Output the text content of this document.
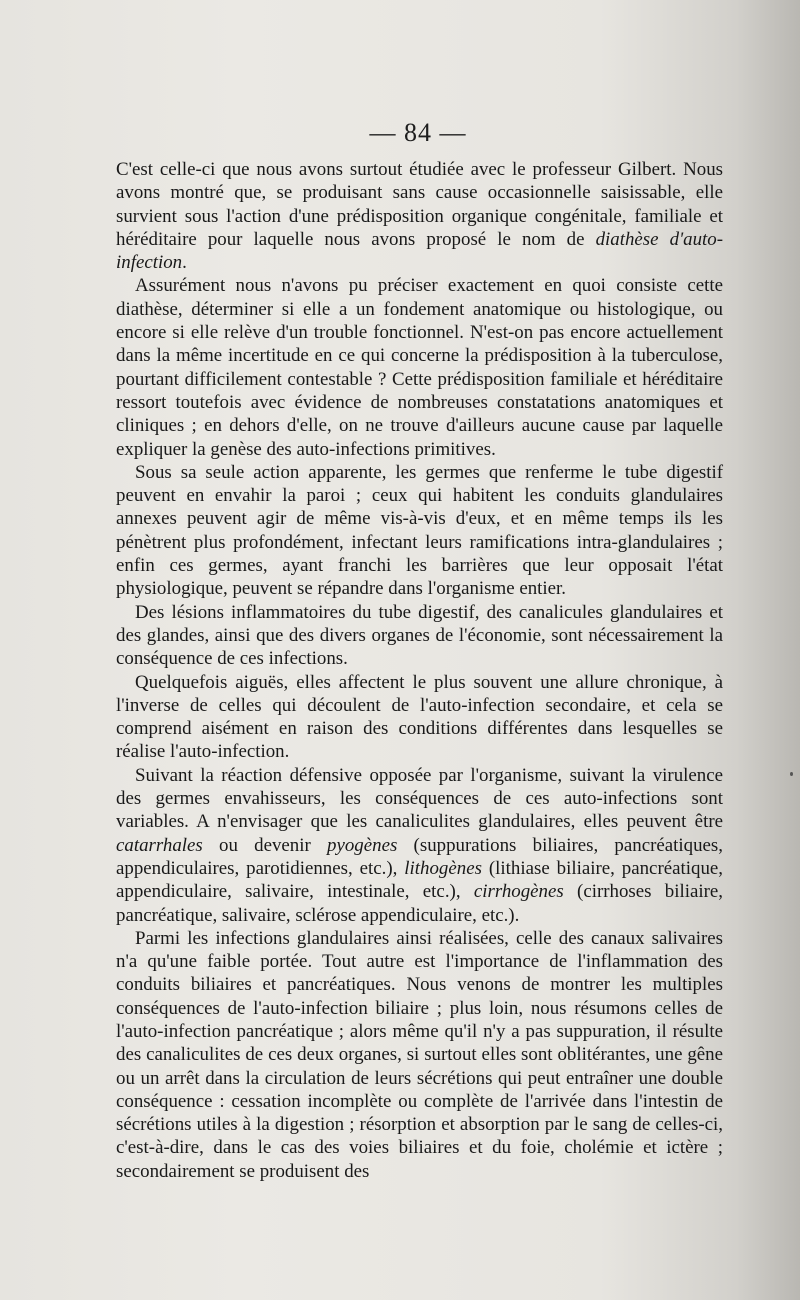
— 84 —

C'est celle-ci que nous avons surtout étudiée avec le professeur Gilbert. Nous avons montré que, se produisant sans cause occasionnelle saisissable, elle survient sous l'action d'une prédisposition organique congénitale, familiale et héréditaire pour laquelle nous avons proposé le nom de diathèse d'auto-infection.

Assurément nous n'avons pu préciser exactement en quoi consiste cette diathèse, déterminer si elle a un fondement anatomique ou histologique, ou encore si elle relève d'un trouble fonctionnel. N'est-on pas encore actuellement dans la même incertitude en ce qui concerne la prédisposition à la tuberculose, pourtant difficilement contestable ? Cette prédisposition familiale et héréditaire ressort toutefois avec évidence de nombreuses constatations anatomiques et cliniques ; en dehors d'elle, on ne trouve d'ailleurs aucune cause par laquelle expliquer la genèse des auto-infections primitives.

Sous sa seule action apparente, les germes que renferme le tube digestif peuvent en envahir la paroi ; ceux qui habitent les conduits glandulaires annexes peuvent agir de même vis-à-vis d'eux, et en même temps ils les pénètrent plus profondément, infectant leurs ramifications intra-glandulaires ; enfin ces germes, ayant franchi les barrières que leur opposait l'état physiologique, peuvent se répandre dans l'organisme entier.

Des lésions inflammatoires du tube digestif, des canalicules glandulaires et des glandes, ainsi que des divers organes de l'économie, sont nécessairement la conséquence de ces infections.

Quelquefois aiguës, elles affectent le plus souvent une allure chronique, à l'inverse de celles qui découlent de l'auto-infection secondaire, et cela se comprend aisément en raison des conditions différentes dans lesquelles se réalise l'auto-infection.

Suivant la réaction défensive opposée par l'organisme, suivant la virulence des germes envahisseurs, les conséquences de ces auto-infections sont variables. A n'envisager que les canaliculites glandulaires, elles peuvent être catarrhales ou devenir pyogènes (suppurations biliaires, pancréatiques, appendiculaires, parotidiennes, etc.), lithogènes (lithiase biliaire, pancréatique, appendiculaire, salivaire, intestinale, etc.), cirrhogènes (cirrhoses biliaire, pancréatique, salivaire, sclérose appendiculaire, etc.).

Parmi les infections glandulaires ainsi réalisées, celle des canaux salivaires n'a qu'une faible portée. Tout autre est l'importance de l'inflammation des conduits biliaires et pancréatiques. Nous venons de montrer les multiples conséquences de l'auto-infection biliaire ; plus loin, nous résumons celles de l'auto-infection pancréatique ; alors même qu'il n'y a pas suppuration, il résulte des canaliculites de ces deux organes, si surtout elles sont oblitérantes, une gêne ou un arrêt dans la circulation de leurs sécrétions qui peut entraîner une double conséquence : cessation incomplète ou complète de l'arrivée dans l'intestin de sécrétions utiles à la digestion ; résorption et absorption par le sang de celles-ci, c'est-à-dire, dans le cas des voies biliaires et du foie, cholémie et ictère ; secondairement se produisent des
